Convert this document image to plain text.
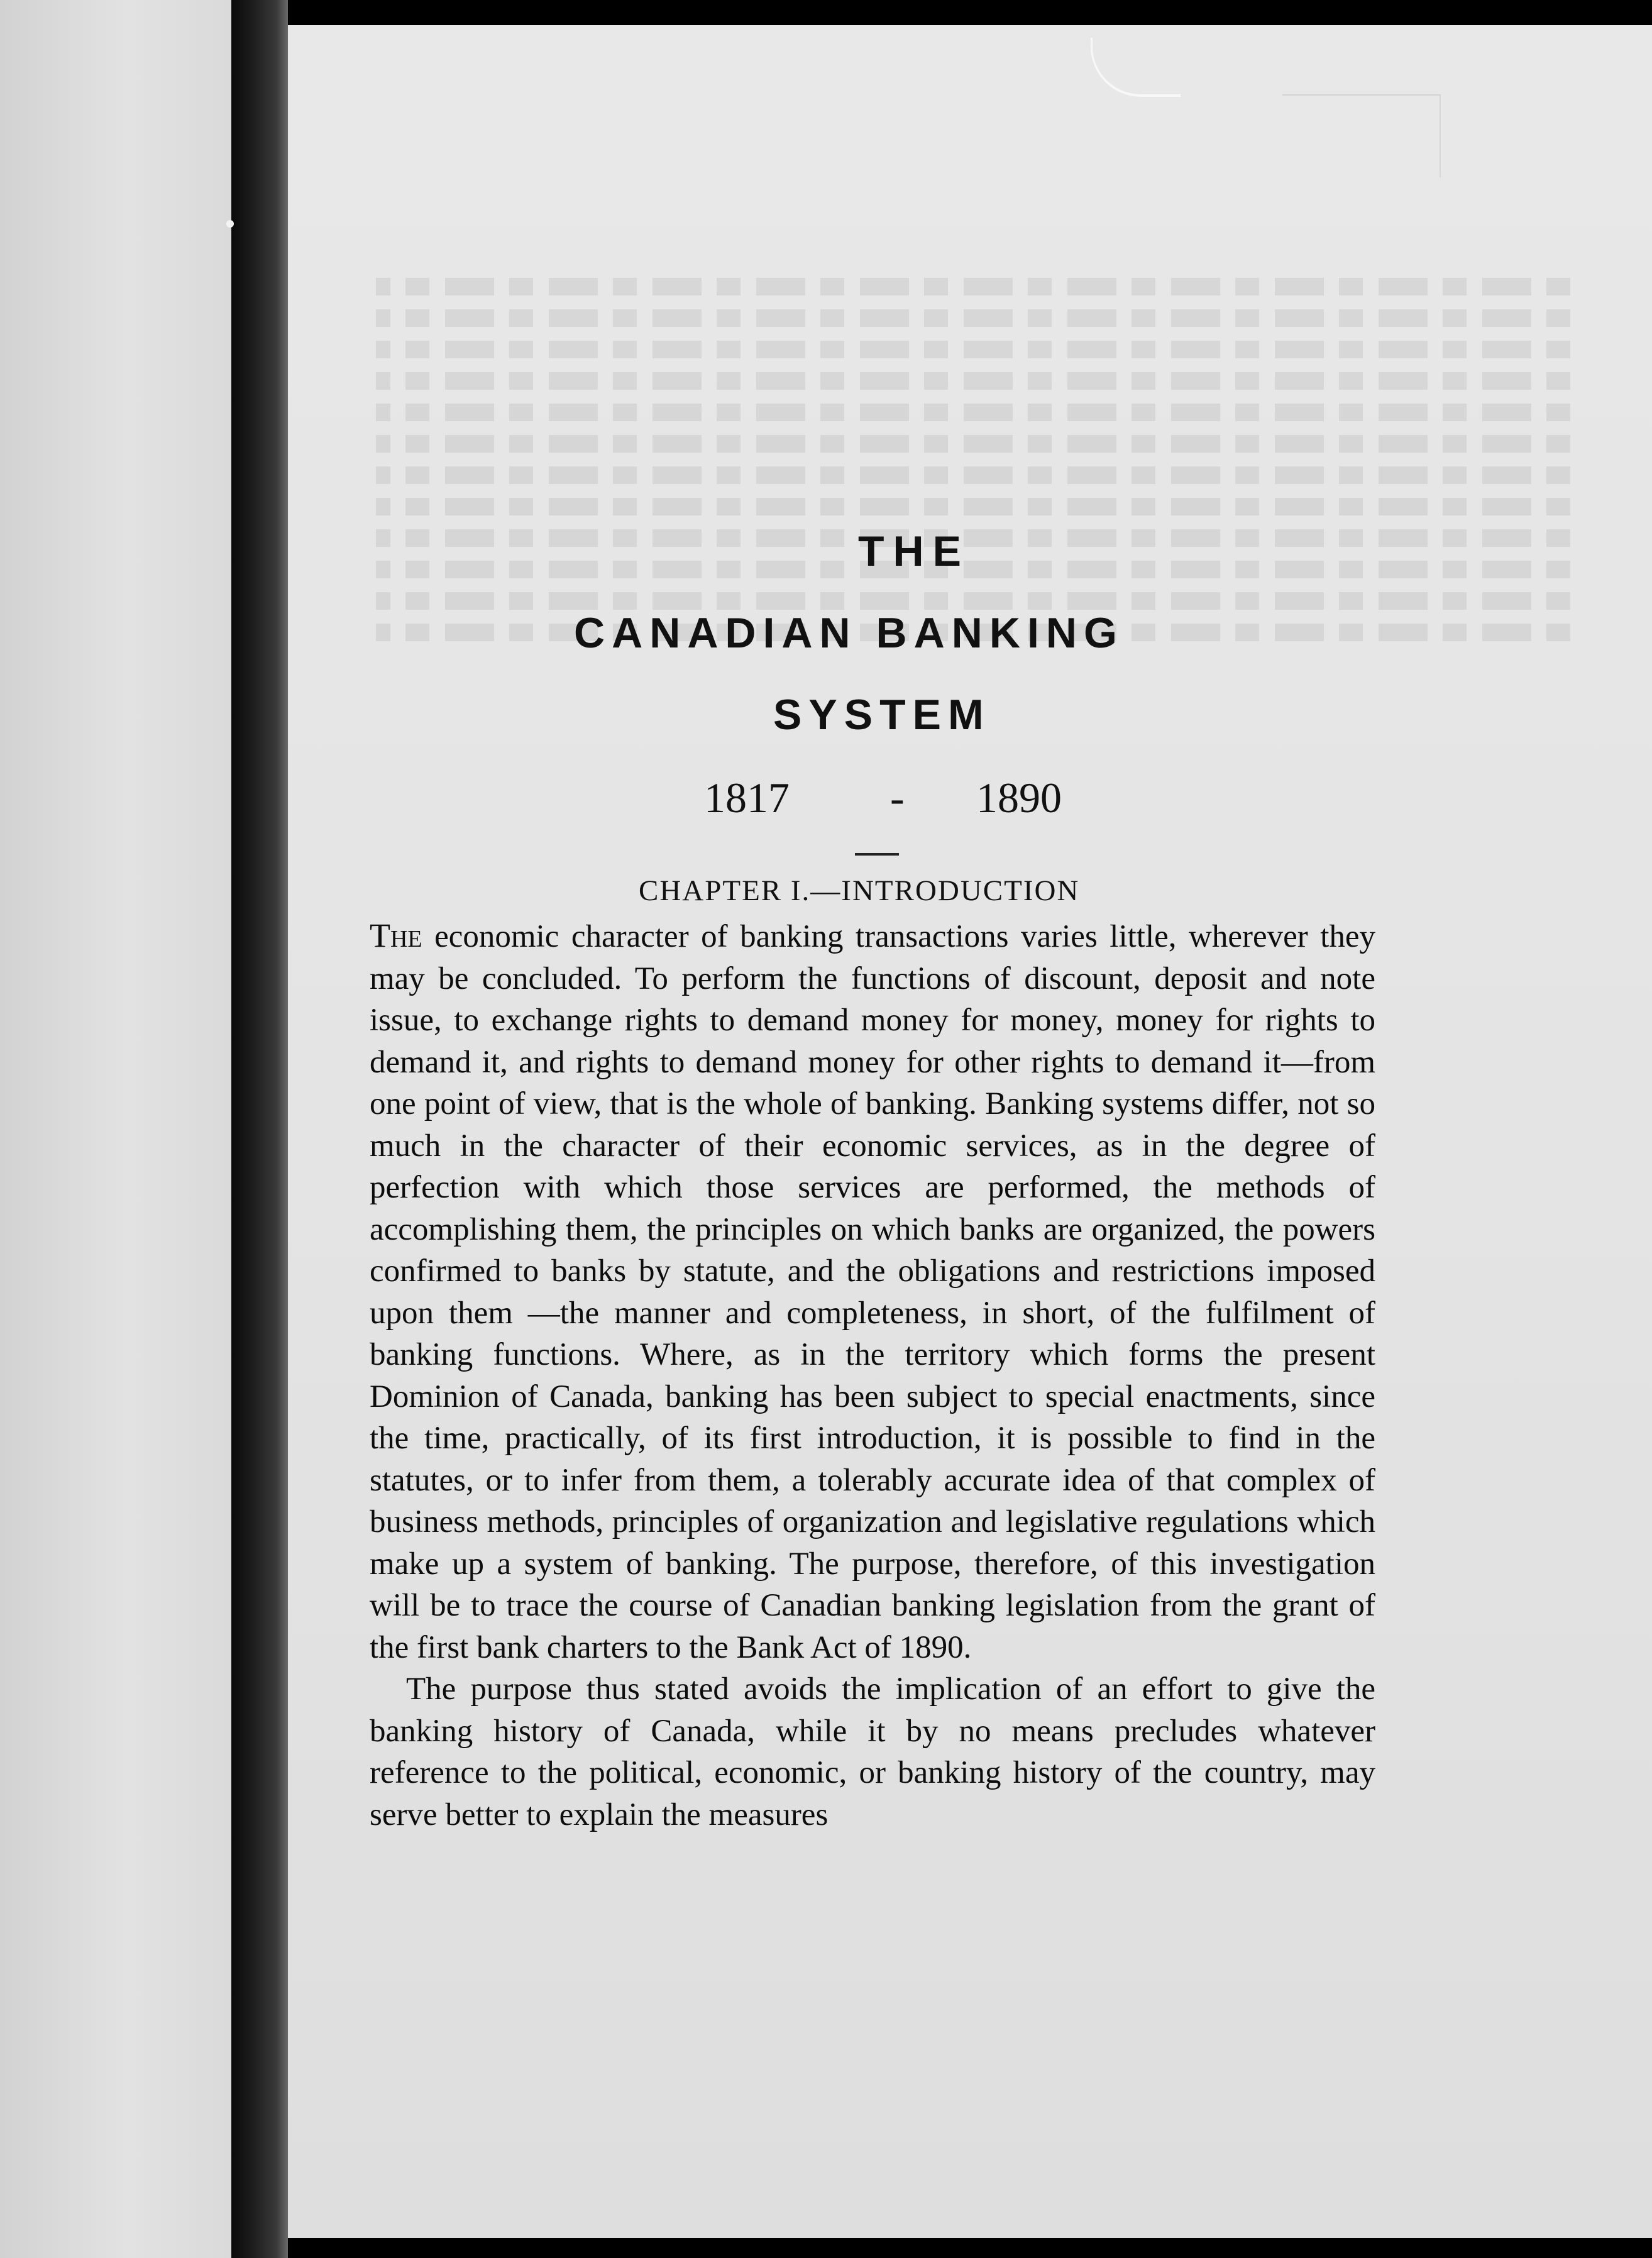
THE
CANADIAN BANKING
SYSTEM
1817 - 1890
CHAPTER I.—INTRODUCTION

The economic character of banking transactions varies little, wherever they may be concluded. To perform the functions of discount, deposit and note issue, to exchange rights to demand money for money, money for rights to demand it, and rights to demand money for other rights to demand it—from one point of view, that is the whole of banking. Banking systems differ, not so much in the character of their economic services, as in the degree of perfection with which those services are performed, the methods of accomplishing them, the principles on which banks are organized, the powers confirmed to banks by statute, and the obligations and restrictions imposed upon them —the manner and completeness, in short, of the fulfilment of banking functions. Where, as in the territory which forms the present Dominion of Canada, banking has been subject to special enactments, since the time, practically, of its first introduction, it is possible to find in the statutes, or to infer from them, a tolerably accurate idea of that complex of business methods, principles of organization and legislative regulations which make up a system of banking. The purpose, therefore, of this investigation will be to trace the course of Canadian banking legislation from the grant of the first bank charters to the Bank Act of 1890.

The purpose thus stated avoids the implication of an effort to give the banking history of Canada, while it by no means precludes whatever reference to the political, economic, or banking history of the country, may serve better to explain the measures
